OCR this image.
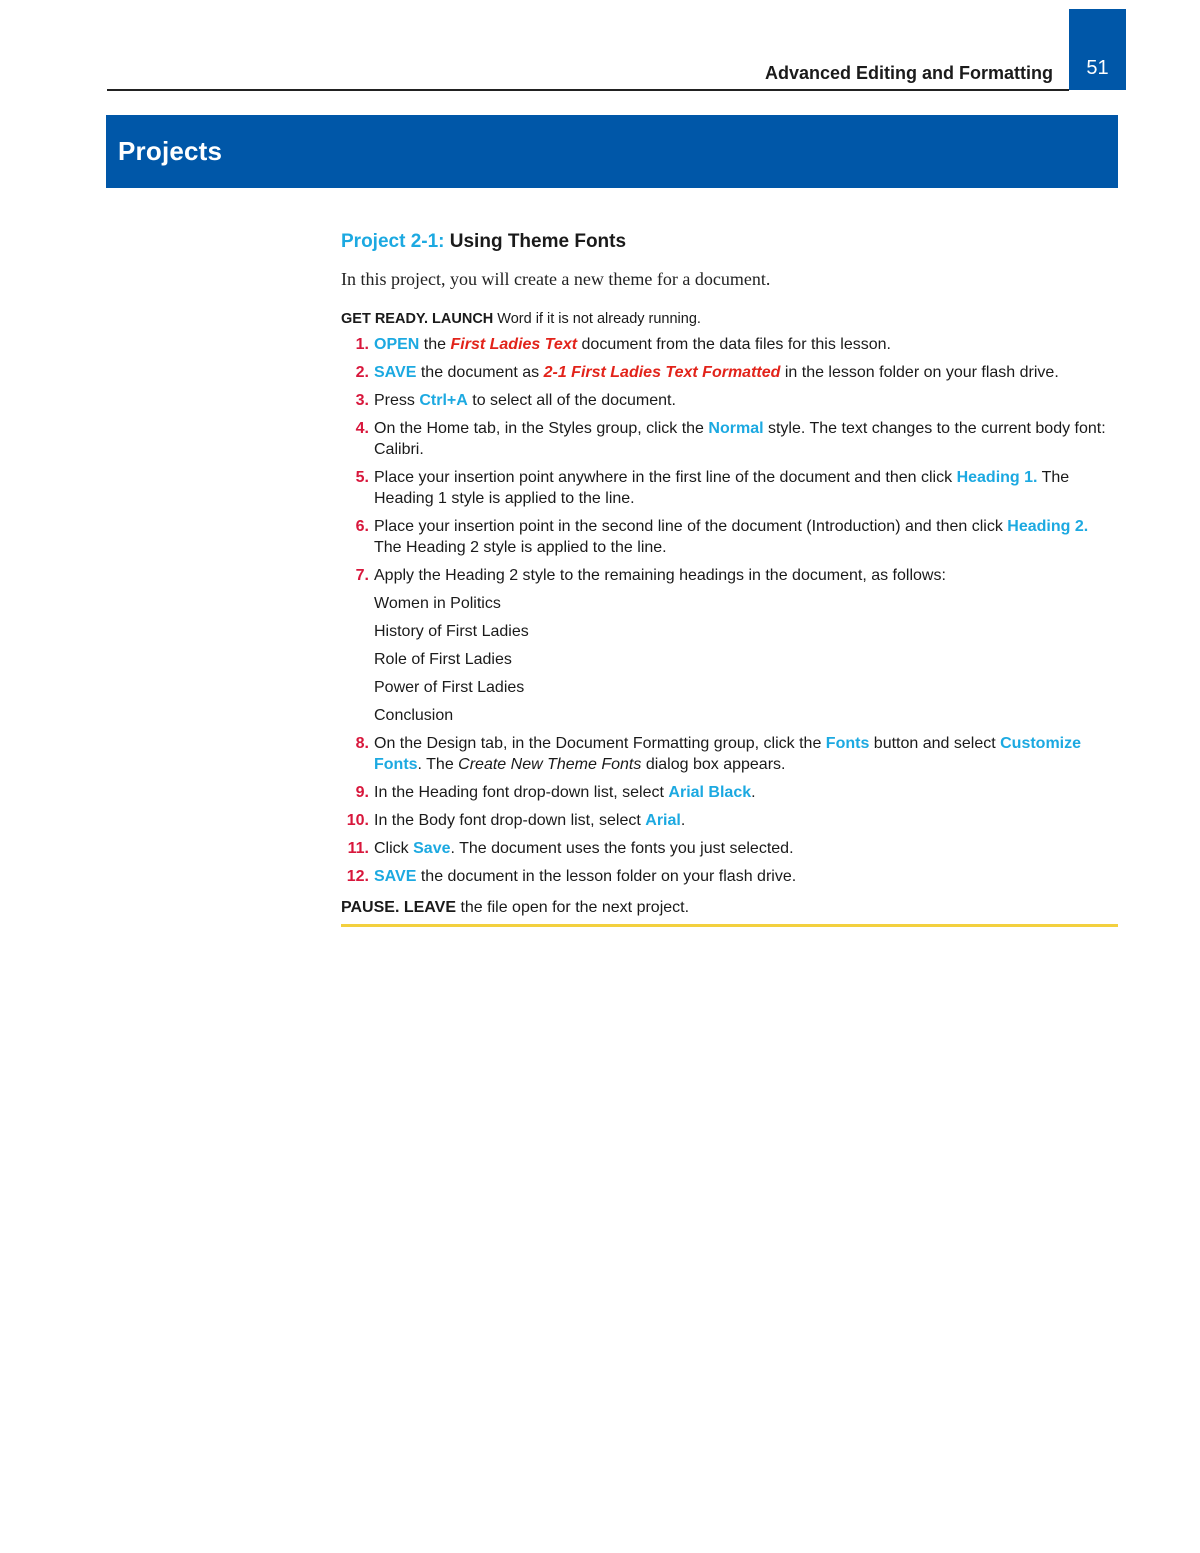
Advanced Editing and Formatting 51
Projects

Project 2-1: Using Theme Fonts

In this project, you will create a new theme for a document.

GET READY. LAUNCH Word if it is not already running.

1. OPEN the First Ladies Text document from the data files for this lesson.
2. SAVE the document as 2-1 First Ladies Text Formatted in the lesson folder on your flash drive.
3. Press Ctrl+A to select all of the document.
4. On the Home tab, in the Styles group, click the Normal style. The text changes to the current body font: Calibri.
5. Place your insertion point anywhere in the first line of the document and then click Heading 1. The Heading 1 style is applied to the line.
6. Place your insertion point in the second line of the document (Introduction) and then click Heading 2. The Heading 2 style is applied to the line.
7. Apply the Heading 2 style to the remaining headings in the document, as follows:
Women in Politics
History of First Ladies
Role of First Ladies
Power of First Ladies
Conclusion
8. On the Design tab, in the Document Formatting group, click the Fonts button and select Customize Fonts. The Create New Theme Fonts dialog box appears.
9. In the Heading font drop-down list, select Arial Black.
10. In the Body font drop-down list, select Arial.
11. Click Save. The document uses the fonts you just selected.
12. SAVE the document in the lesson folder on your flash drive.

PAUSE. LEAVE the file open for the next project.
